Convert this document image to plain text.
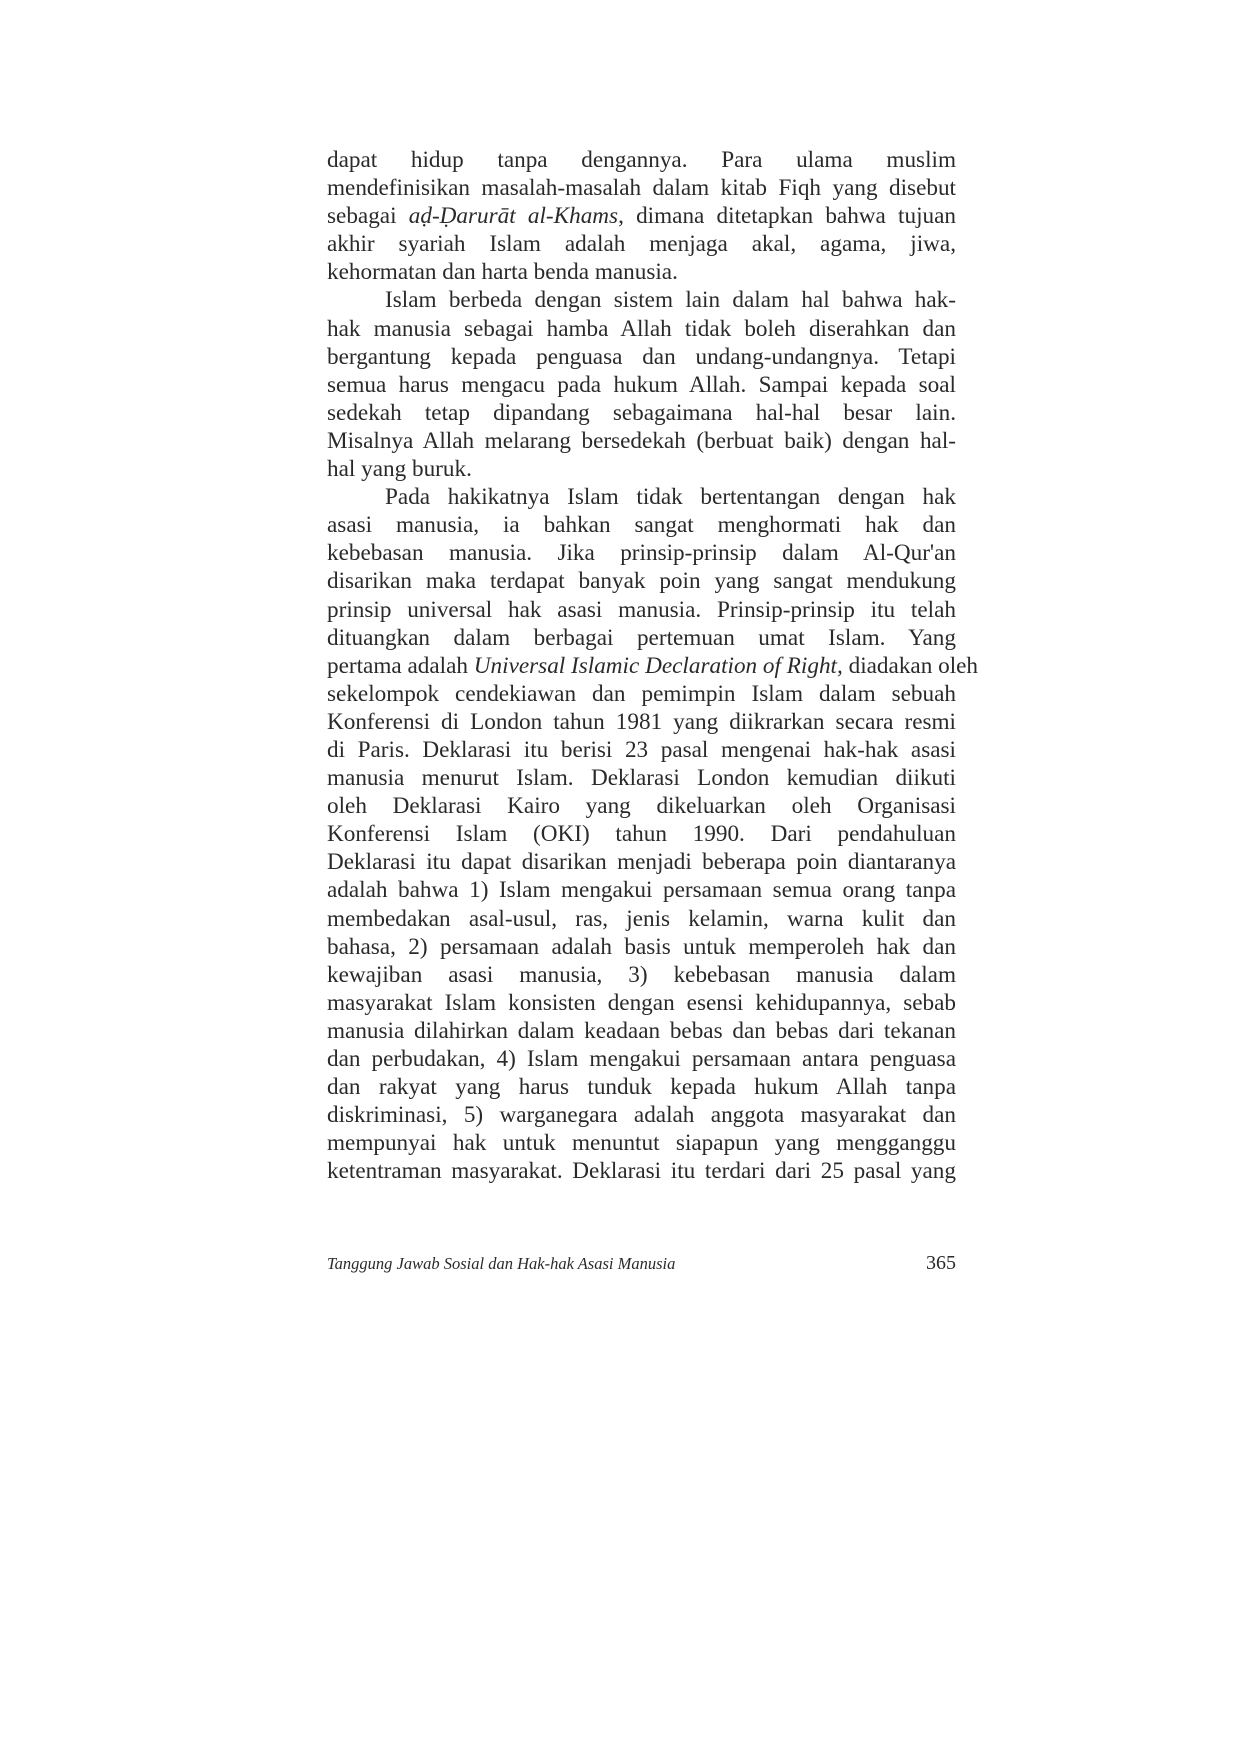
dapat hidup tanpa dengannya. Para ulama muslim
mendefinisikan masalah-masalah dalam kitab Fiqh yang disebut
sebagai aḍ-Ḍarurāt al-Khams, dimana ditetapkan bahwa tujuan
akhir syariah Islam adalah menjaga akal, agama, jiwa,
kehormatan dan harta benda manusia.
Islam berbeda dengan sistem lain dalam hal bahwa hak-
hak manusia sebagai hamba Allah tidak boleh diserahkan dan
bergantung kepada penguasa dan undang-undangnya. Tetapi
semua harus mengacu pada hukum Allah. Sampai kepada soal
sedekah tetap dipandang sebagaimana hal-hal besar lain.
Misalnya Allah melarang bersedekah (berbuat baik) dengan hal-
hal yang buruk.
Pada hakikatnya Islam tidak bertentangan dengan hak
asasi manusia, ia bahkan sangat menghormati hak dan
kebebasan manusia. Jika prinsip-prinsip dalam Al-Qur'an
disarikan maka terdapat banyak poin yang sangat mendukung
prinsip universal hak asasi manusia. Prinsip-prinsip itu telah
dituangkan dalam berbagai pertemuan umat Islam. Yang
pertama adalah Universal Islamic Declaration of Right, diadakan oleh
sekelompok cendekiawan dan pemimpin Islam dalam sebuah
Konferensi di London tahun 1981 yang diikrarkan secara resmi
di Paris. Deklarasi itu berisi 23 pasal mengenai hak-hak asasi
manusia menurut Islam. Deklarasi London kemudian diikuti
oleh Deklarasi Kairo yang dikeluarkan oleh Organisasi
Konferensi Islam (OKI) tahun 1990. Dari pendahuluan
Deklarasi itu dapat disarikan menjadi beberapa poin diantaranya
adalah bahwa 1) Islam mengakui persamaan semua orang tanpa
membedakan asal-usul, ras, jenis kelamin, warna kulit dan
bahasa, 2) persamaan adalah basis untuk memperoleh hak dan
kewajiban asasi manusia, 3) kebebasan manusia dalam
masyarakat Islam konsisten dengan esensi kehidupannya, sebab
manusia dilahirkan dalam keadaan bebas dan bebas dari tekanan
dan perbudakan, 4) Islam mengakui persamaan antara penguasa
dan rakyat yang harus tunduk kepada hukum Allah tanpa
diskriminasi, 5) warganegara adalah anggota masyarakat dan
mempunyai hak untuk menuntut siapapun yang mengganggu
ketentraman masyarakat. Deklarasi itu terdari dari 25 pasal yang
Tanggung Jawab Sosial dan Hak-hak Asasi Manusia	365
